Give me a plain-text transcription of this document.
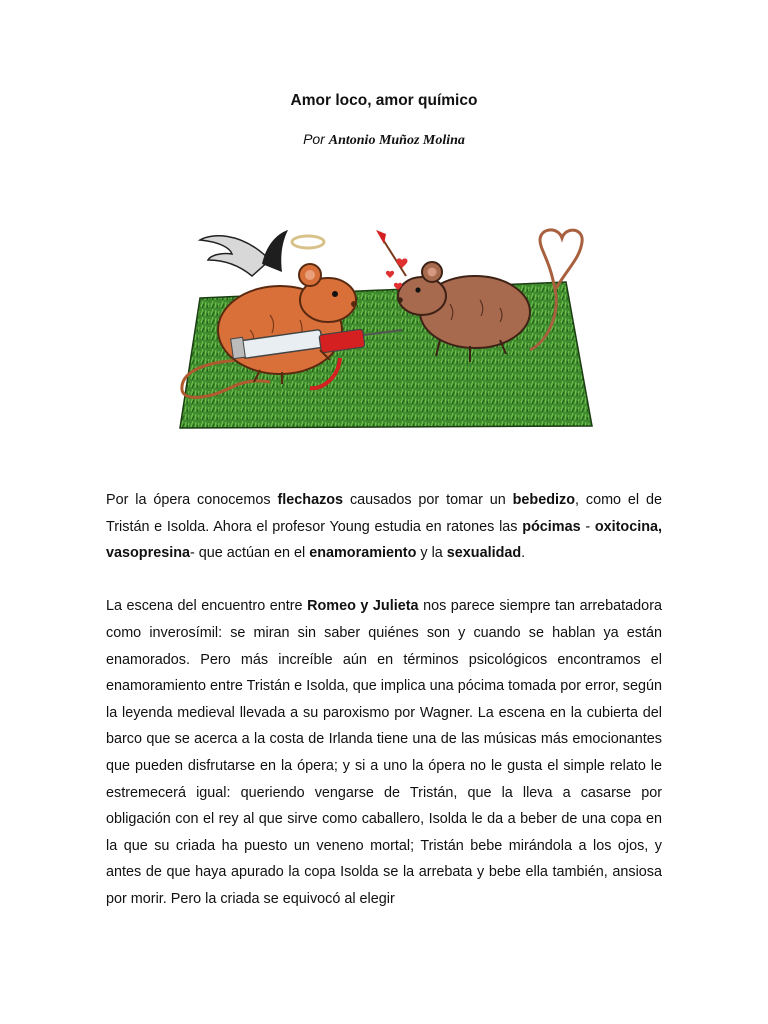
Amor loco, amor químico
Por Antonio Muñoz Molina

Por la ópera conocemos flechazos causados por tomar un bebedizo, como el de Tristán e Isolda. Ahora el profesor Young estudia en ratones las pócimas - oxitocina, vasopresina- que actúan en el enamoramiento y la sexualidad.

La escena del encuentro entre Romeo y Julieta nos parece siempre tan arrebatadora como inverosímil: se miran sin saber quiénes son y cuando se hablan ya están enamorados. Pero más increíble aún en términos psicológicos encontramos el enamoramiento entre Tristán e Isolda, que implica una pócima tomada por error, según la leyenda medieval llevada a su paroxismo por Wagner. La escena en la cubierta del barco que se acerca a la costa de Irlanda tiene una de las músicas más emocionantes que pueden disfrutarse en la ópera; y si a uno la ópera no le gusta el simple relato le estremecerá igual: queriendo vengarse de Tristán, que la lleva a casarse por obligación con el rey al que sirve como caballero, Isolda le da a beber de una copa en la que su criada ha puesto un veneno mortal; Tristán bebe mirándola a los ojos, y antes de que haya apurado la copa Isolda se la arrebata y bebe ella también, ansiosa por morir. Pero la criada se equivocó al elegir
